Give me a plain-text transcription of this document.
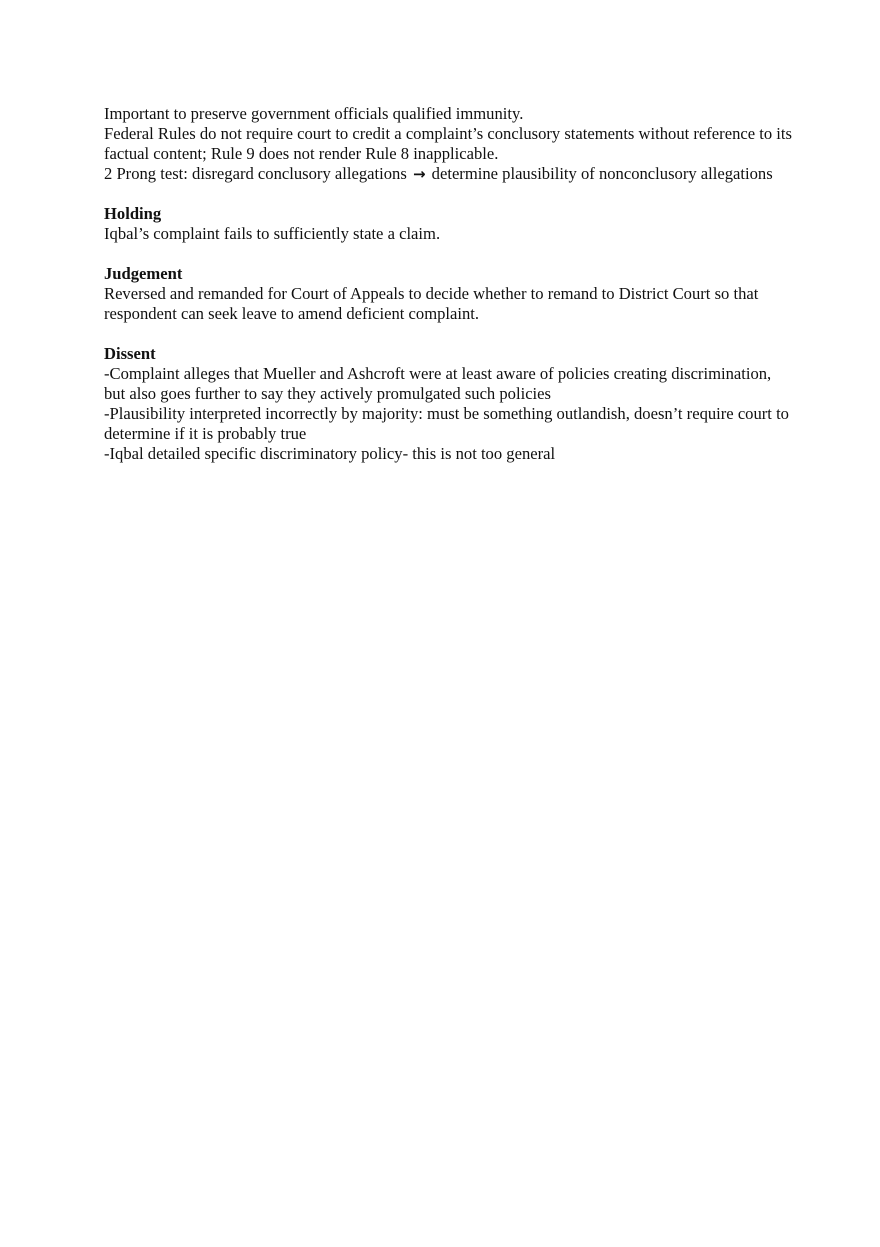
Important to preserve government officials qualified immunity.

Federal Rules do not require court to credit a complaint’s conclusory statements without reference to its factual content; Rule 9 does not render Rule 8 inapplicable.

2 Prong test: disregard conclusory allegations → determine plausibility of nonconclusory allegations

Holding

Iqbal’s complaint fails to sufficiently state a claim.

Judgement

Reversed and remanded for Court of Appeals to decide whether to remand to District Court so that respondent can seek leave to amend deficient complaint.

Dissent

-Complaint alleges that Mueller and Ashcroft were at least aware of policies creating discrimination, but also goes further to say they actively promulgated such policies

-Plausibility interpreted incorrectly by majority: must be something outlandish, doesn’t require court to determine if it is probably true

-Iqbal detailed specific discriminatory policy- this is not too general
